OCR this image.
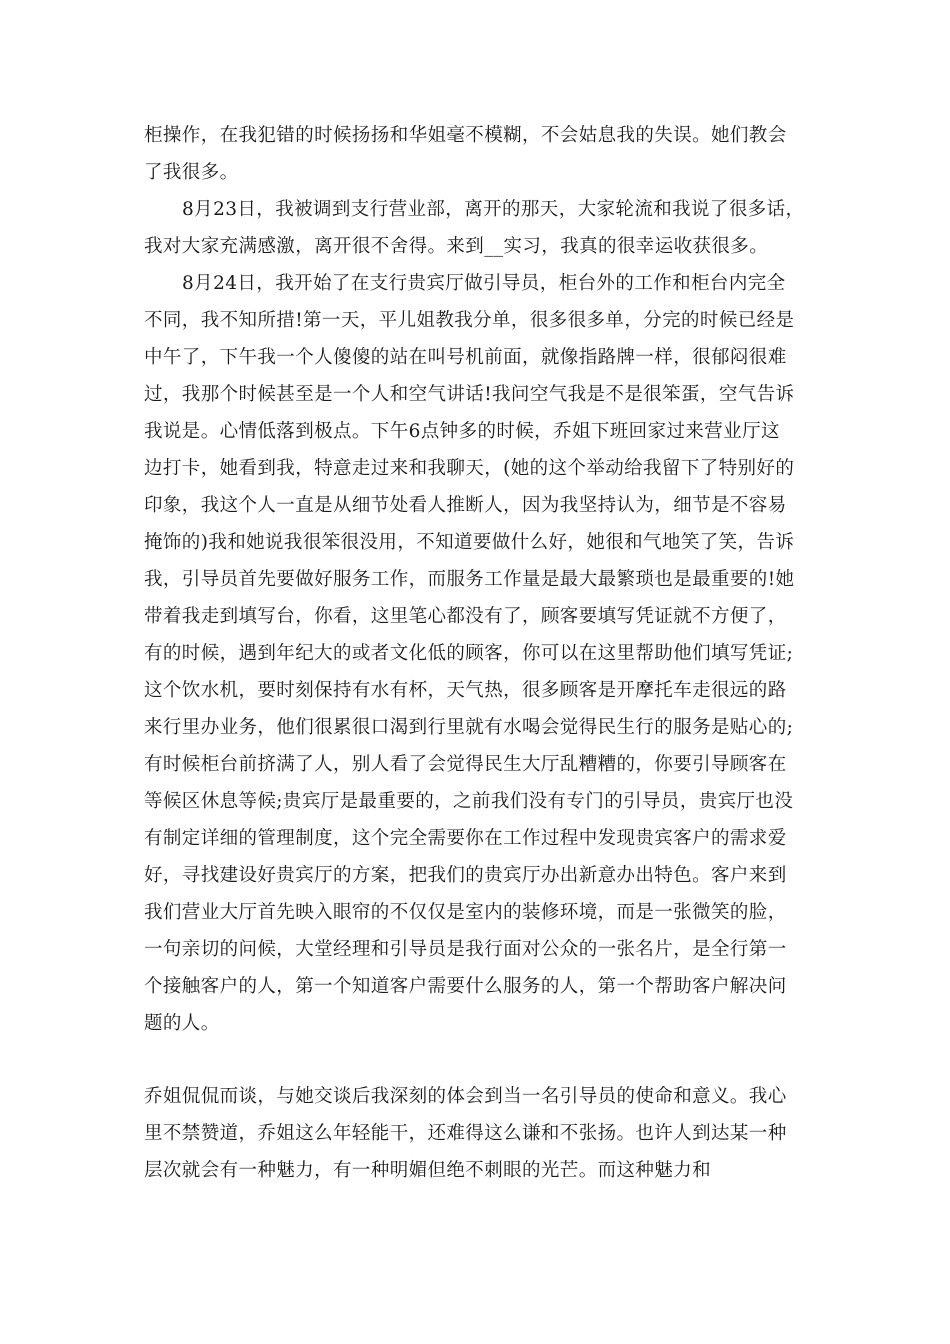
柜操作，在我犯错的时候扬扬和华姐毫不模糊，不会姑息我的失误。她们教会
了我很多。
8月23日，我被调到支行营业部，离开的那天，大家轮流和我说了很多话，
我对大家充满感激，离开很不舍得。来到__实习，我真的很幸运收获很多。
8月24日，我开始了在支行贵宾厅做引导员，柜台外的工作和柜台内完全
不同，我不知所措!第一天，平儿姐教我分单，很多很多单，分完的时候已经是
中午了，下午我一个人傻傻的站在叫号机前面，就像指路牌一样，很郁闷很难
过，我那个时候甚至是一个人和空气讲话!我问空气我是不是很笨蛋，空气告诉
我说是。心情低落到极点。下午6点钟多的时候，乔姐下班回家过来营业厅这
边打卡，她看到我，特意走过来和我聊天，(她的这个举动给我留下了特别好的
印象，我这个人一直是从细节处看人推断人，因为我坚持认为，细节是不容易
掩饰的)我和她说我很笨很没用，不知道要做什么好，她很和气地笑了笑，告诉
我，引导员首先要做好服务工作，而服务工作量是最大最繁琐也是最重要的!她
带着我走到填写台，你看，这里笔心都没有了，顾客要填写凭证就不方便了，
有的时候，遇到年纪大的或者文化低的顾客，你可以在这里帮助他们填写凭证;
这个饮水机，要时刻保持有水有杯，天气热，很多顾客是开摩托车走很远的路
来行里办业务，他们很累很口渴到行里就有水喝会觉得民生行的服务是贴心的;
有时候柜台前挤满了人，别人看了会觉得民生大厅乱糟糟的，你要引导顾客在
等候区休息等候;贵宾厅是最重要的，之前我们没有专门的引导员，贵宾厅也没
有制定详细的管理制度，这个完全需要你在工作过程中发现贵宾客户的需求爱
好，寻找建设好贵宾厅的方案，把我们的贵宾厅办出新意办出特色。客户来到
我们营业大厅首先映入眼帘的不仅仅是室内的装修环境，而是一张微笑的脸，
一句亲切的问候，大堂经理和引导员是我行面对公众的一张名片，是全行第一
个接触客户的人，第一个知道客户需要什么服务的人，第一个帮助客户解决问
题的人。
乔姐侃侃而谈，与她交谈后我深刻的体会到当一名引导员的使命和意义。我心
里不禁赞道，乔姐这么年轻能干，还难得这么谦和不张扬。也许人到达某一种
层次就会有一种魅力，有一种明媚但绝不刺眼的光芒。而这种魅力和
